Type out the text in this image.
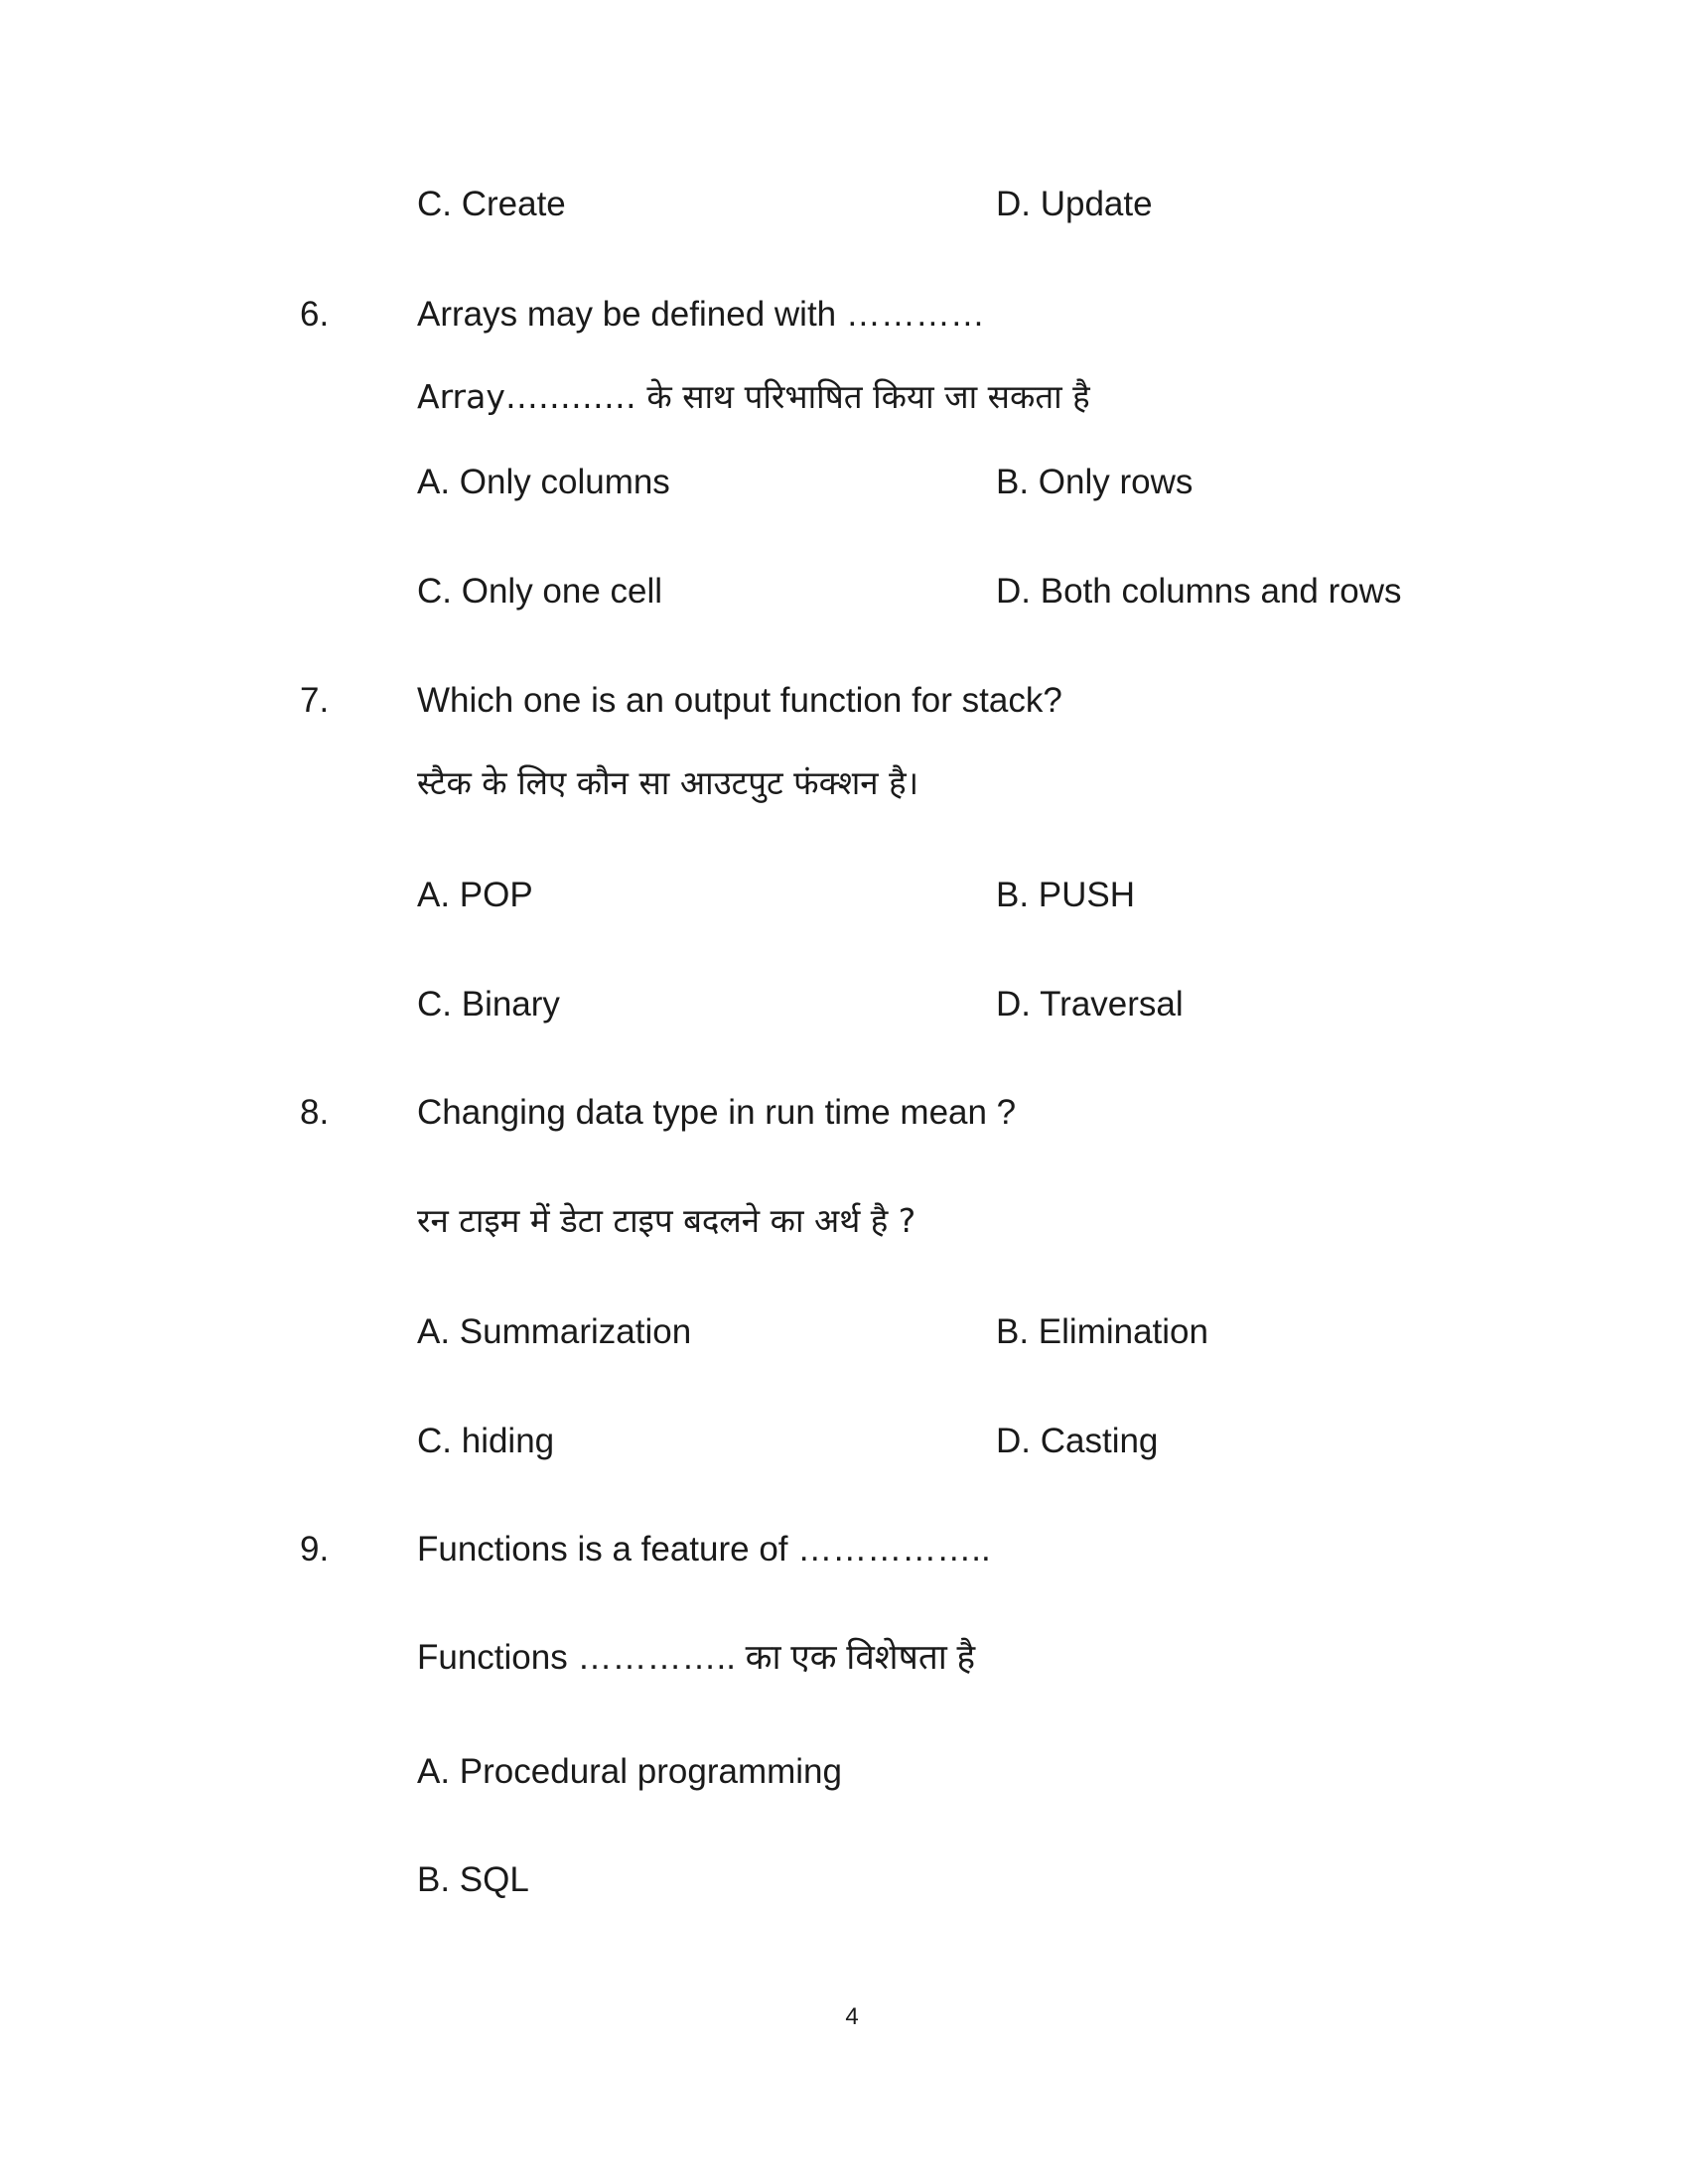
C. Create	D. Update
6.	Arrays may be defined with …………
Array………… के साथ परिभाषित किया जा सकता है
A. Only columns	B. Only rows
C. Only one cell	D. Both columns and rows
7.	Which one is an output function for stack?
स्टैक के लिए कौन सा आउटपुट फंक्शन है।
A. POP	B. PUSH
C. Binary	D. Traversal
8.	Changing data type in run time mean ?
रन टाइम में डेटा टाइप बदलने का अर्थ है ?
A. Summarization	B. Elimination
C. hiding	D. Casting
9.	Functions is a feature of ……………..
Functions ………….. का एक विशेषता है
A. Procedural programming
B. SQL
4
